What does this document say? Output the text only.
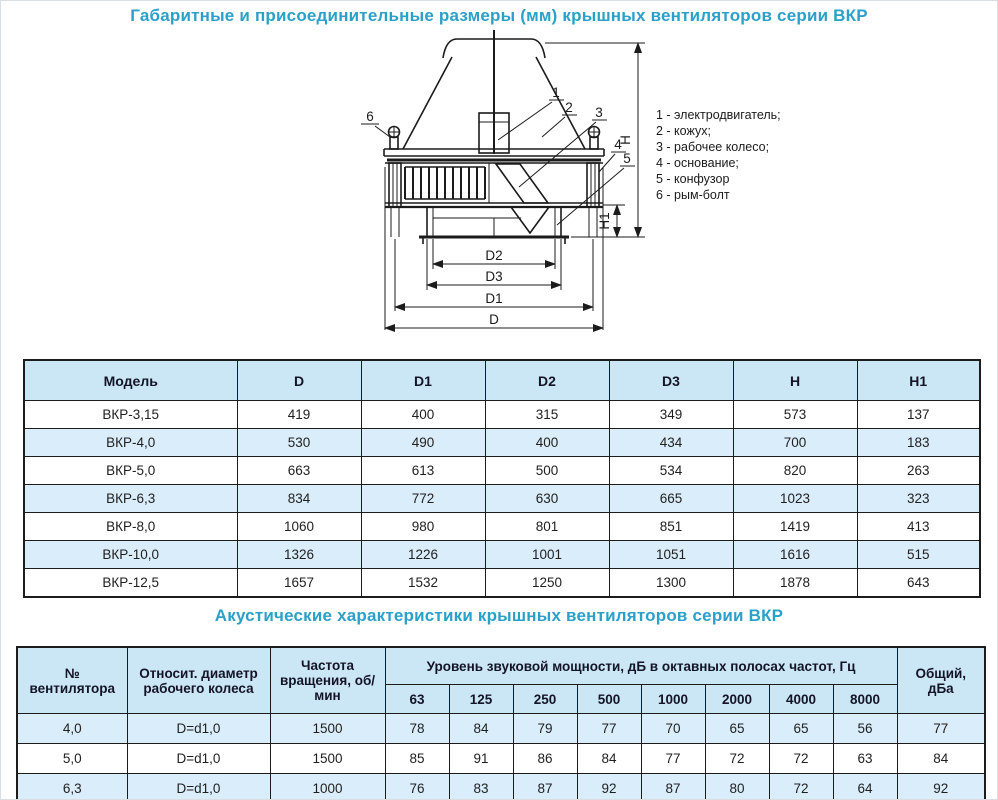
Габаритные и присоединительные размеры (мм) крышных вентиляторов серии ВКР
1
2 3
4
5
6
D2
D3
D1
D
H
H1
1 - электродвигатель;
2 - кожух;
3 - рабочее колесо;
4 - основание;
5 - конфузор
6 - рым-болт
Модель	D	D1	D2	D3	H	H1
ВКР-3,15	419	400	315	349	573	137
ВКР-4,0	530	490	400	434	700	183
ВКР-5,0	663	613	500	534	820	263
ВКР-6,3	834	772	630	665	1023	323
ВКР-8,0	1060	980	801	851	1419	413
ВКР-10,0	1326	1226	1001	1051	1616	515
ВКР-12,5	1657	1532	1250	1300	1878	643
Акустические характеристики крышных вентиляторов серии ВКР
№ вентилятора	Относит. диаметр рабочего колеса	Частота вращения, об/мин	Уровень звуковой мощности, дБ в октавных полосах частот, Гц								Общий, дБа
			63	125	250	500	1000	2000	4000	8000	
4,0	D=d1,0	1500	78	84	79	77	70	65	65	56	77
5,0	D=d1,0	1500	85	91	86	84	77	72	72	63	84
6,3	D=d1,0	1000	76	83	87	92	87	80	72	64	92
